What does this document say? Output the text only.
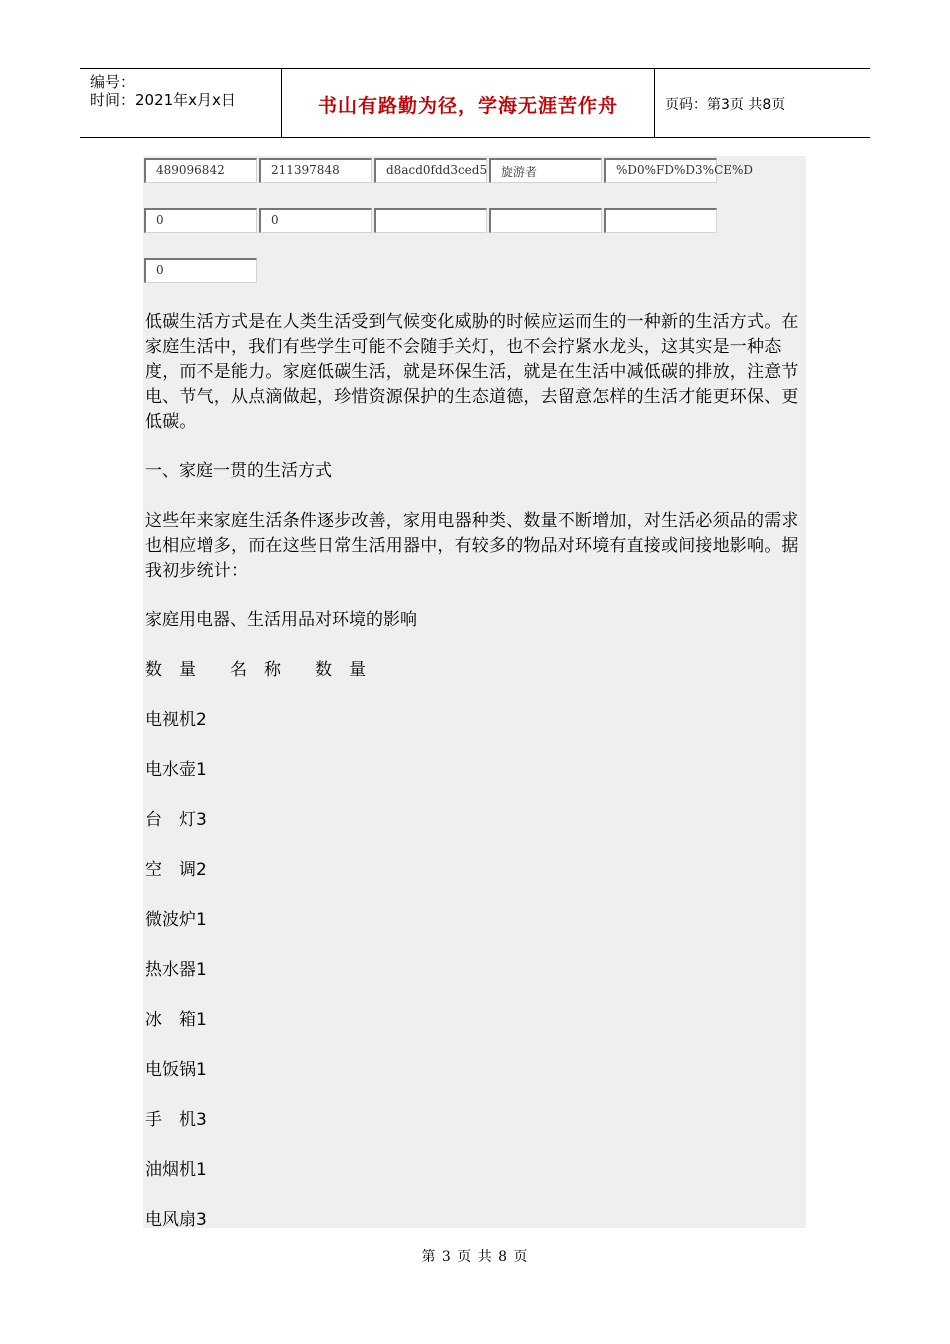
编号：
时间：2021年x月x日	书山有路勤为径，学海无涯苦作舟	页码：第3页 共8页
489096842	211397848	d8acd0fdd3ced5	旋游者	%D0%FD%D3%CE%D
0	0
0
低碳生活方式是在人类生活受到气候变化威胁的时候应运而生的一种新的生活方式。在家庭生活中，我们有些学生可能不会随手关灯，也不会拧紧水龙头，这其实是一种态度，而不是能力。家庭低碳生活，就是环保生活，就是在生活中减低碳的排放，注意节电、节气，从点滴做起，珍惜资源保护的生态道德，去留意怎样的生活才能更环保、更低碳。
一、家庭一贯的生活方式
这些年来家庭生活条件逐步改善，家用电器种类、数量不断增加，对生活必须品的需求也相应增多，而在这些日常生活用器中，有较多的物品对环境有直接或间接地影响。据我初步统计：
家庭用电器、生活用品对环境的影响
数　量　　名　称　　数　量
电视机2
电水壶1
台　灯3
空　调2
微波炉1
热水器1
冰　箱1
电饭锅1
手　机3
油烟机1
电风扇3
第 3 页 共 8 页
